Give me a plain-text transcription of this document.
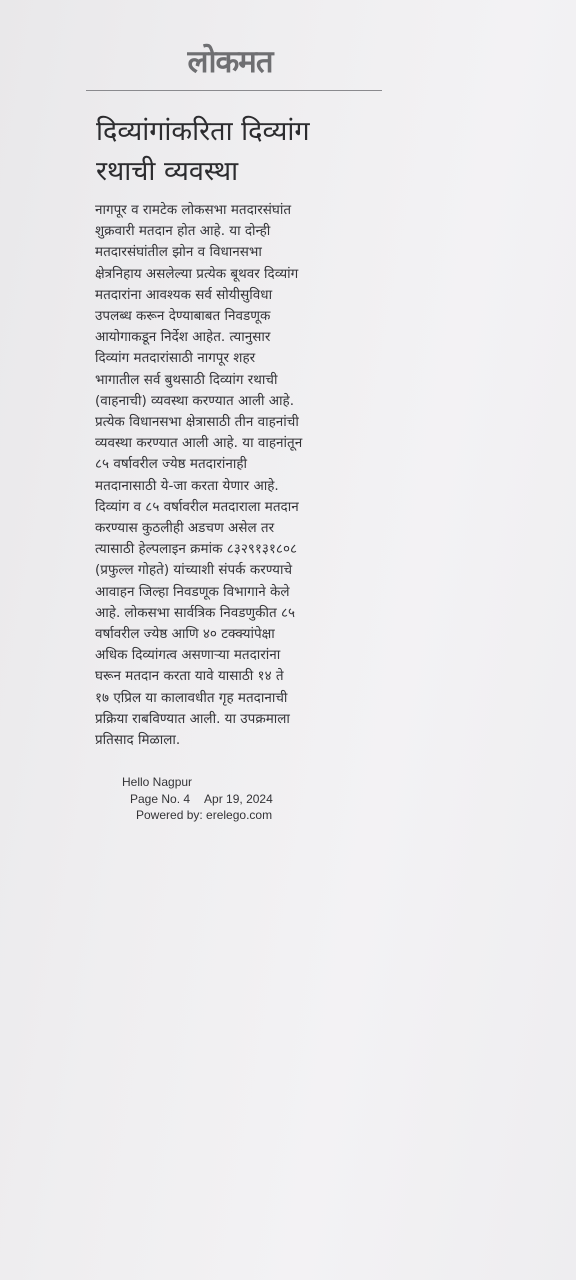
लोकमत
दिव्यांगांकरिता दिव्यांग
रथाची व्यवस्था
नागपूर व रामटेक लोकसभा मतदारसंघांत
शुक्रवारी मतदान होत आहे. या दोन्ही
मतदारसंघांतील झोन व विधानसभा
क्षेत्रनिहाय असलेल्या प्रत्येक बूथवर दिव्यांग
मतदारांना आवश्यक सर्व सोयीसुविधा
उपलब्ध करून देण्याबाबत निवडणूक
आयोगाकडून निर्देश आहेत. त्यानुसार
दिव्यांग मतदारांसाठी नागपूर शहर
भागातील सर्व बुथसाठी दिव्यांग रथाची
(वाहनाची) व्यवस्था करण्यात आली आहे.
प्रत्येक विधानसभा क्षेत्रासाठी तीन वाहनांची
व्यवस्था करण्यात आली आहे. या वाहनांतून
८५ वर्षावरील ज्येष्ठ मतदारांनाही
मतदानासाठी ये-जा करता येणार आहे.
दिव्यांग व ८५ वर्षावरील मतदाराला मतदान
करण्यास कुठलीही अडचण असेल तर
त्यासाठी हेल्पलाइन क्रमांक ८३२९१३१८०८
(प्रफुल्ल गोहते) यांच्याशी संपर्क करण्याचे
आवाहन जिल्हा निवडणूक विभागाने केले
आहे. लोकसभा सार्वत्रिक निवडणुकीत ८५
वर्षावरील ज्येष्ठ आणि ४० टक्क्यांपेक्षा
अधिक दिव्यांगत्व असणाऱ्या मतदारांना
घरून मतदान करता यावे यासाठी १४ ते
१७ एप्रिल या कालावधीत गृह मतदानाची
प्रक्रिया राबविण्यात आली. या उपक्रमाला
प्रतिसाद मिळाला.
Hello Nagpur
Page No. 4 Apr 19, 2024
Powered by: erelego.com
